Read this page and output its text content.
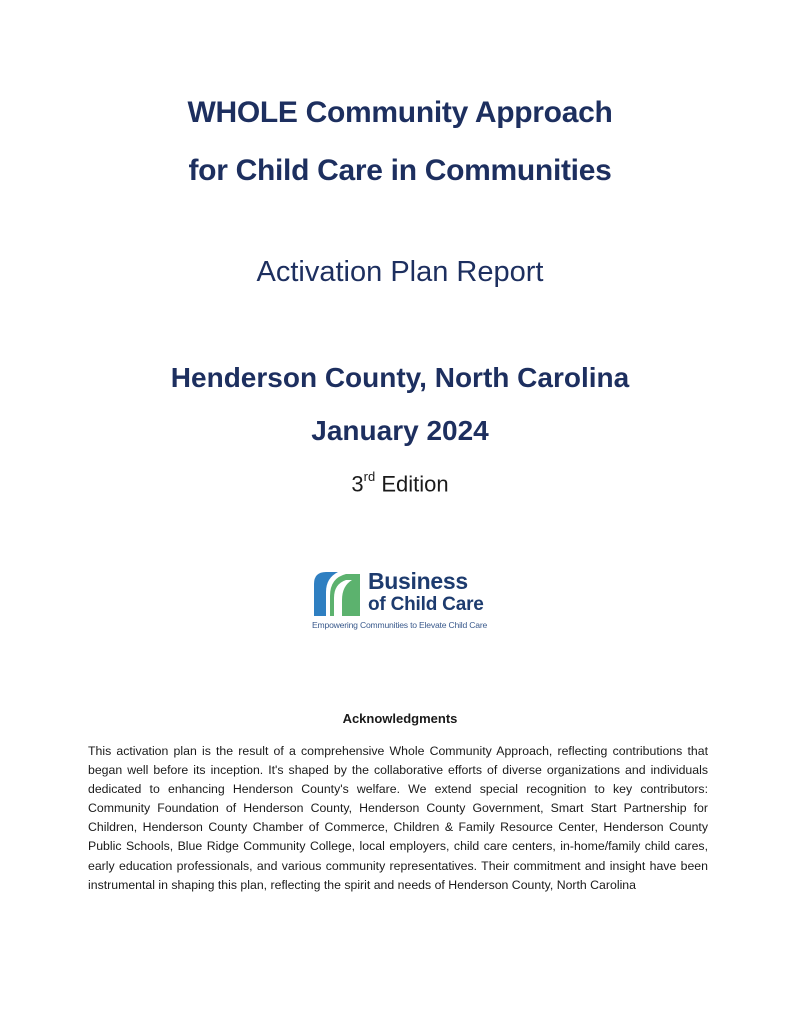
WHOLE Community Approach
for Child Care in Communities
Activation Plan Report
Henderson County, North Carolina
January 2024
3rd Edition
Business
of Child Care
Empowering Communities to Elevate Child Care
Acknowledgments
This activation plan is the result of a comprehensive Whole Community Approach, reflecting contributions that began well before its inception. It's shaped by the collaborative efforts of diverse organizations and individuals dedicated to enhancing Henderson County's welfare. We extend special recognition to key contributors: Community Foundation of Henderson County, Henderson County Government, Smart Start Partnership for Children, Henderson County Chamber of Commerce, Children & Family Resource Center, Henderson County Public Schools, Blue Ridge Community College, local employers, child care centers, in-home/family child cares, early education professionals, and various community representatives. Their commitment and insight have been instrumental in shaping this plan, reflecting the spirit and needs of Henderson County, North Carolina
